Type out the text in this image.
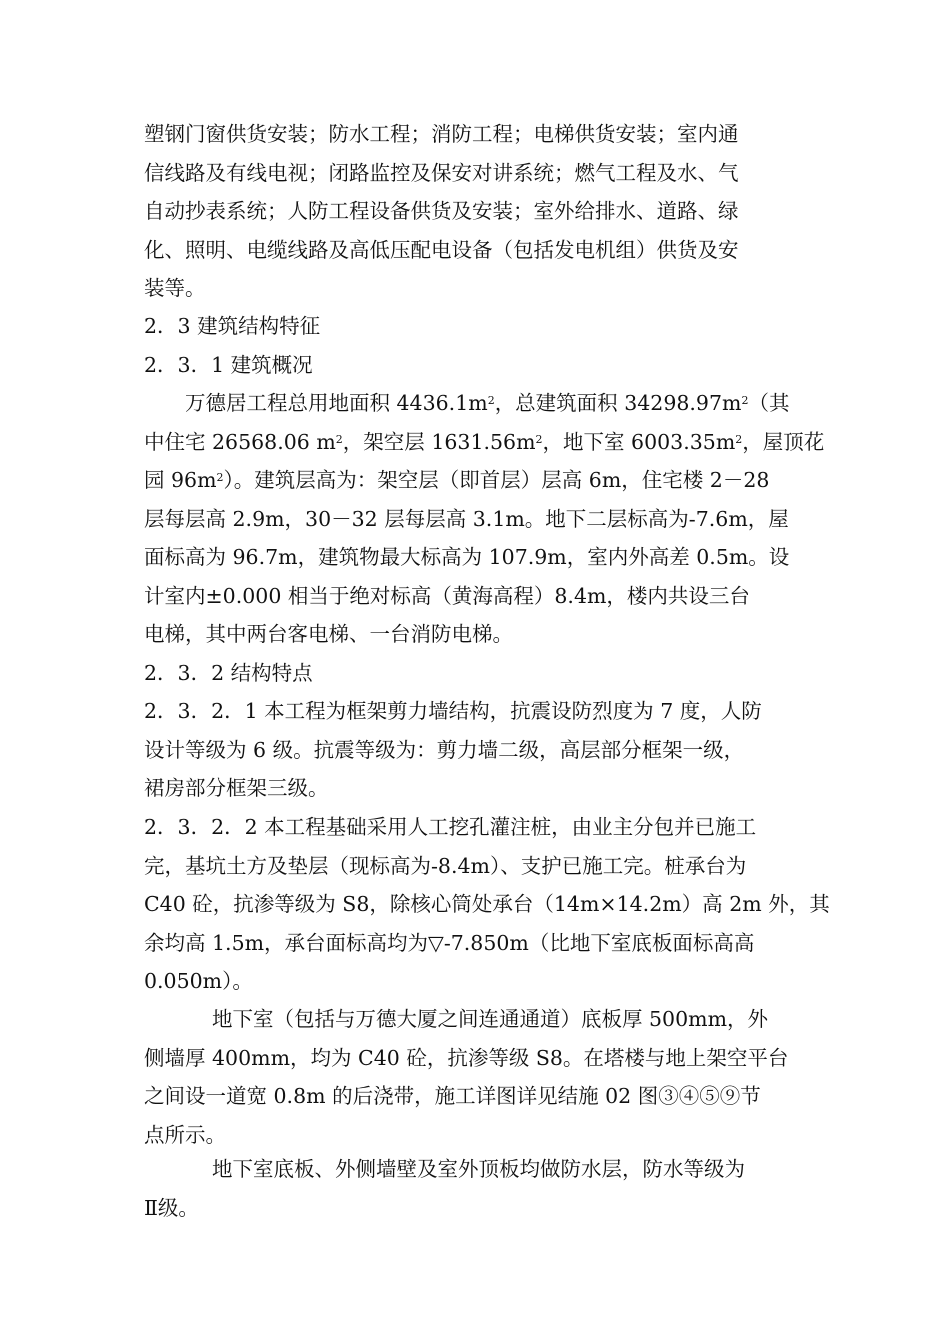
塑钢门窗供货安装；防水工程；消防工程；电梯供货安装；室内通
信线路及有线电视；闭路监控及保安对讲系统；燃气工程及水、气
自动抄表系统；人防工程设备供货及安装；室外给排水、道路、绿
化、照明、电缆线路及高低压配电设备（包括发电机组）供货及安
装等。
2．3 建筑结构特征
2．3．1 建筑概况
万德居工程总用地面积 $4436.1m^2$，总建筑面积 $34298.97m^2$（其
中住宅 26568.06 $m^2$，架空层 $1631.56m^2$，地下室 $6003.35m^2$，屋顶花
园 $96m^2$）。建筑层高为：架空层（即首层）层高 6m，住宅楼 2－28
层每层高 2.9m，30－32 层每层高 3.1m。地下二层标高为-7.6m，屋
面标高为 96.7m，建筑物最大标高为 107.9m，室内外高差 0.5m。设
计室内±0.000 相当于绝对标高（黄海高程）8.4m，楼内共设三台
电梯，其中两台客电梯、一台消防电梯。
2．3．2 结构特点
2．3．2．1 本工程为框架剪力墙结构，抗震设防烈度为 7 度，人防
设计等级为 6 级。抗震等级为：剪力墙二级，高层部分框架一级，
裙房部分框架三级。
2．3．2．2 本工程基础采用人工挖孔灌注桩，由业主分包并已施工
完，基坑土方及垫层（现标高为-8.4m）、支护已施工完。桩承台为
C40 砼，抗渗等级为 S8，除核心筒处承台（14m×14.2m）高 2m 外，其
余均高 1.5m，承台面标高均为▽-7.850m（比地下室底板面标高高
0.050m）。
地下室（包括与万德大厦之间连通通道）底板厚 500mm，外
侧墙厚 400mm，均为 C40 砼，抗渗等级 S8。在塔楼与地上架空平台
之间设一道宽 0.8m 的后浇带，施工详图详见结施 02 图③④⑤⑨节
点所示。
地下室底板、外侧墙壁及室外顶板均做防水层，防水等级为
Ⅱ级。
